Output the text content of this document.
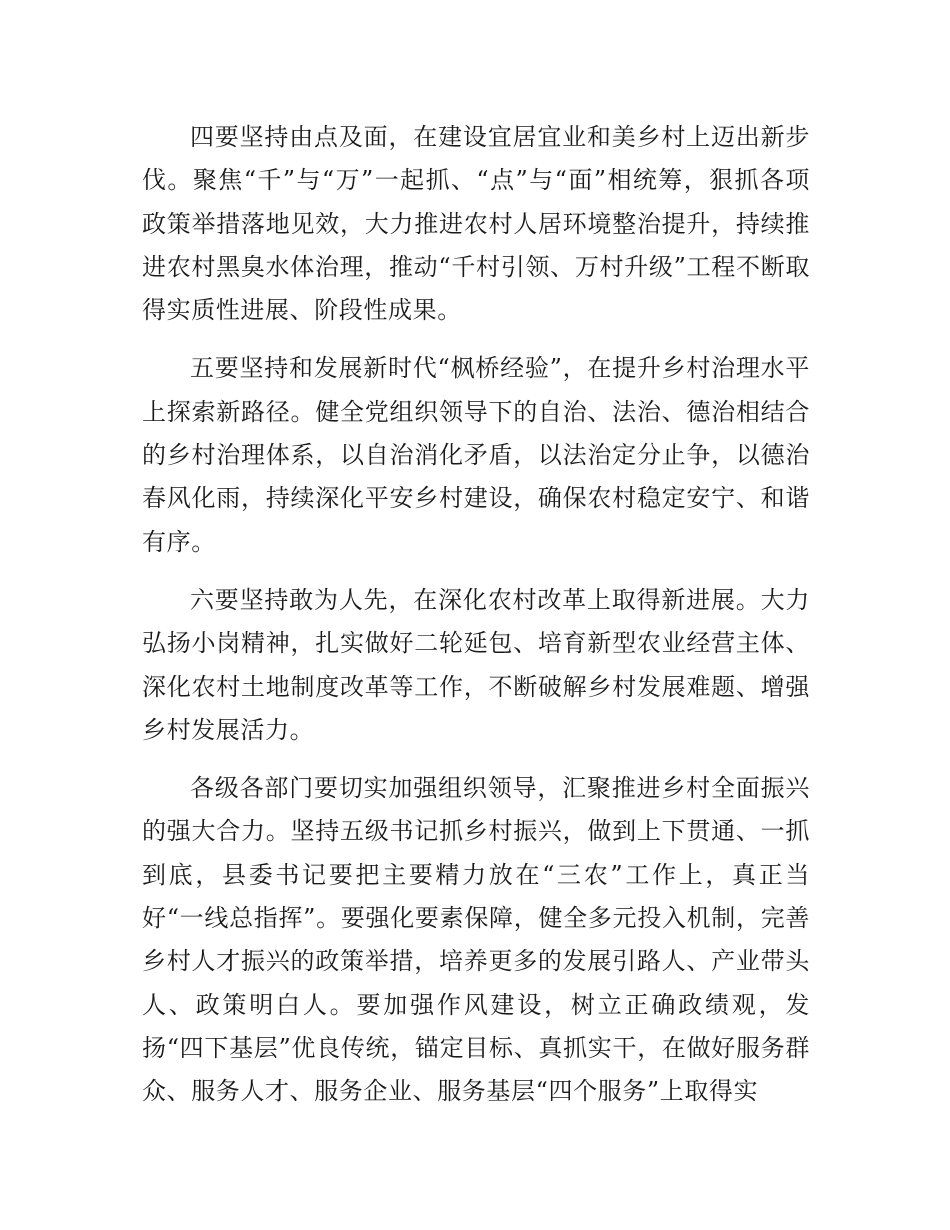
四要坚持由点及面，在建设宜居宜业和美乡村上迈出新步伐。聚焦“千”与“万”一起抓、“点”与“面”相统筹，狠抓各项政策举措落地见效，大力推进农村人居环境整治提升，持续推进农村黑臭水体治理，推动“千村引领、万村升级”工程不断取得实质性进展、阶段性成果。

五要坚持和发展新时代“枫桥经验”，在提升乡村治理水平上探索新路径。健全党组织领导下的自治、法治、德治相结合的乡村治理体系，以自治消化矛盾，以法治定分止争，以德治春风化雨，持续深化平安乡村建设，确保农村稳定安宁、和谐有序。

六要坚持敢为人先，在深化农村改革上取得新进展。大力弘扬小岗精神，扎实做好二轮延包、培育新型农业经营主体、深化农村土地制度改革等工作，不断破解乡村发展难题、增强乡村发展活力。

各级各部门要切实加强组织领导，汇聚推进乡村全面振兴的强大合力。坚持五级书记抓乡村振兴，做到上下贯通、一抓到底，县委书记要把主要精力放在“三农”工作上，真正当好“一线总指挥”。要强化要素保障，健全多元投入机制，完善乡村人才振兴的政策举措，培养更多的发展引路人、产业带头人、政策明白人。要加强作风建设，树立正确政绩观，发扬“四下基层”优良传统，锚定目标、真抓实干，在做好服务群众、服务人才、服务企业、服务基层“四个服务”上取得实
